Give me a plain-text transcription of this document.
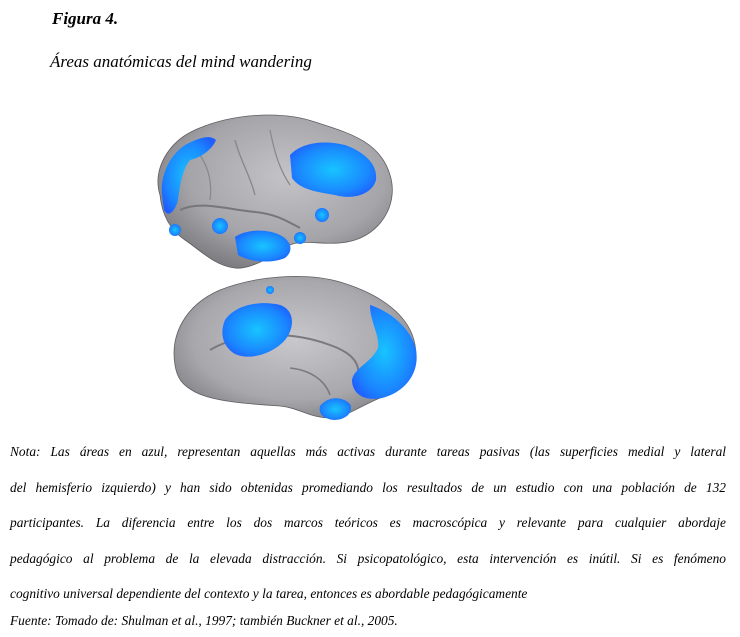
Figura 4.
Áreas anatómicas del mind wandering
Nota: Las áreas en azul, representan aquellas más activas durante tareas pasivas (las superficies medial y lateral
del hemisferio izquierdo) y han sido obtenidas promediando los resultados de un estudio con una población de 132
participantes. La diferencia entre los dos marcos teóricos es macroscópica y relevante para cualquier abordaje
pedagógico al problema de la elevada distracción. Si psicopatológico, esta intervención es inútil. Si es fenómeno
cognitivo universal dependiente del contexto y la tarea, entonces es abordable pedagógicamente
Fuente: Tomado de: Shulman et al., 1997; también Buckner et al., 2005.
